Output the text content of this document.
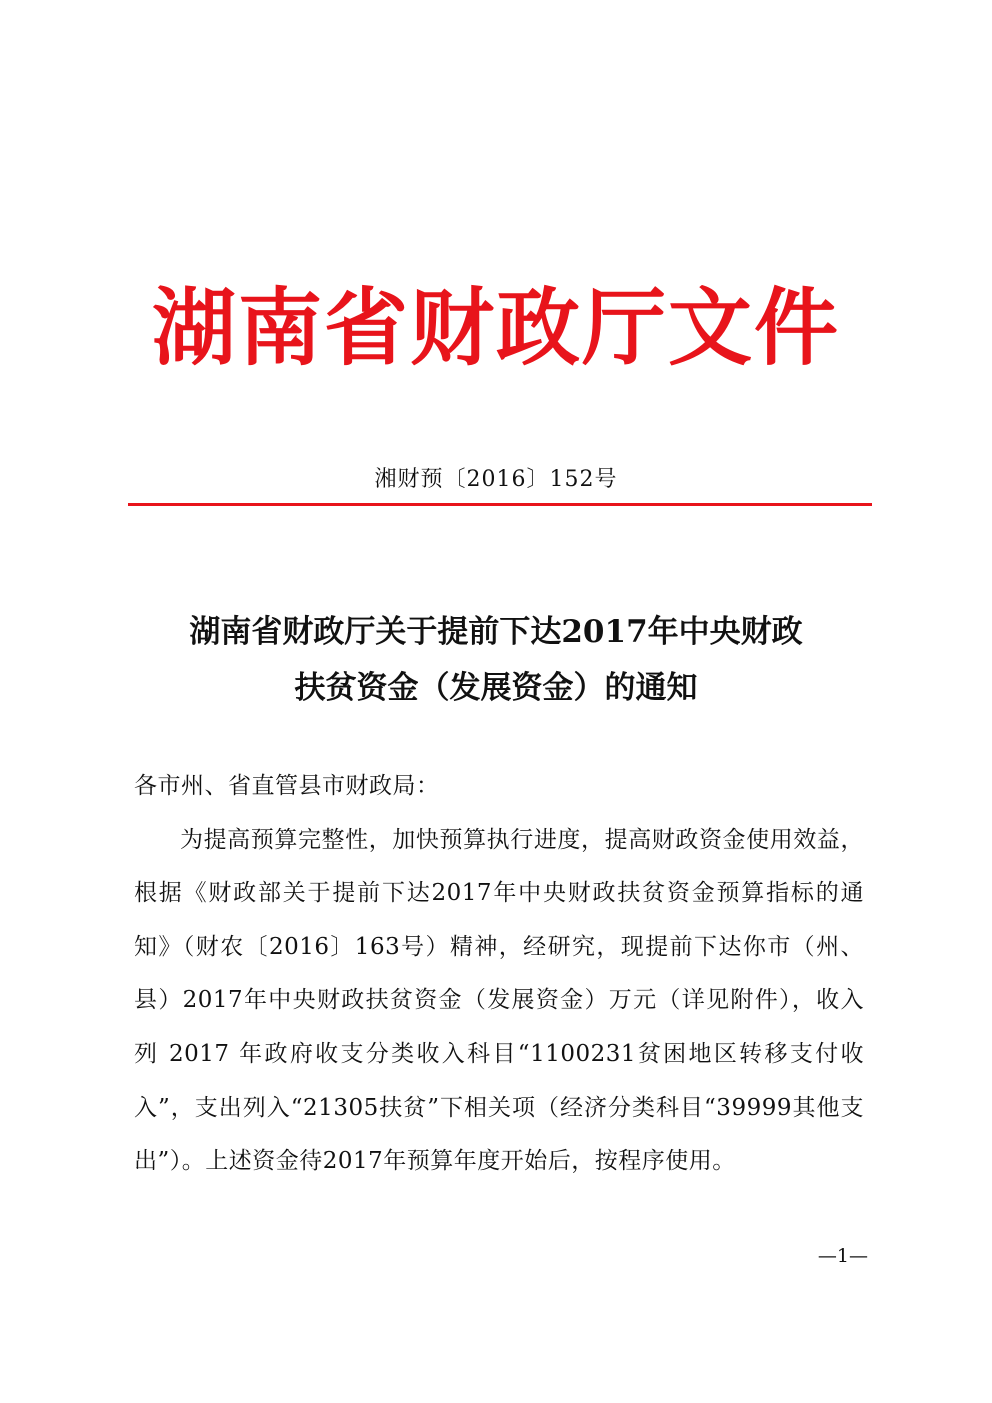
湖南省财政厅文件
湘财预〔2016〕152号
湖南省财政厅关于提前下达2017年中央财政
扶贫资金（发展资金）的通知
各市州、省直管县市财政局：
为提高预算完整性，加快预算执行进度，提高财政资金使用效益，根据《财政部关于提前下达2017年中央财政扶贫资金预算指标的通知》（财农〔2016〕163号）精神，经研究，现提前下达你市（州、县）2017年中央财政扶贫资金（发展资金）万元（详见附件），收入列 2017 年政府收支分类收入科目“1100231贫困地区转移支付收入”，支出列入“21305扶贫”下相关项（经济分类科目“39999其他支出”）。上述资金待2017年预算年度开始后，按程序使用。
—1—
